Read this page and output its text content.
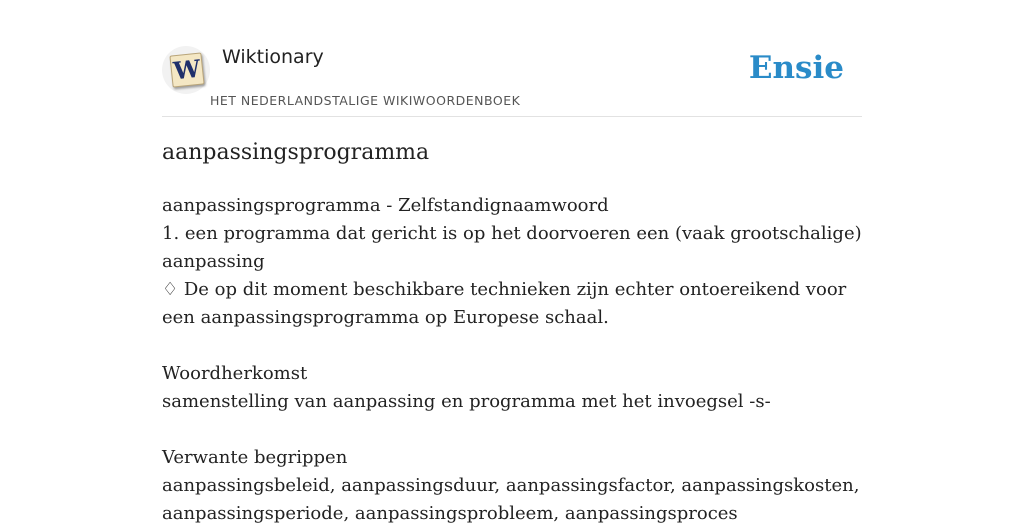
W Wiktionary
HET NEDERLANDSTALIGE WIKIWOORDENBOEK
Ensie
aanpassingsprogramma

aanpassingsprogramma - Zelfstandignaamwoord

1. een programma dat gericht is op het doorvoeren een (vaak grootschalige) aanpassing

♢ De op dit moment beschikbare technieken zijn echter ontoereikend voor een aanpassingsprogramma op Europese schaal.

Woordherkomst

samenstelling van aanpassing en programma met het invoegsel -s-

Verwante begrippen

aanpassingsbeleid, aanpassingsduur, aanpassingsfactor, aanpassingskosten, aanpassingsperiode, aanpassingsprobleem, aanpassingsproces
